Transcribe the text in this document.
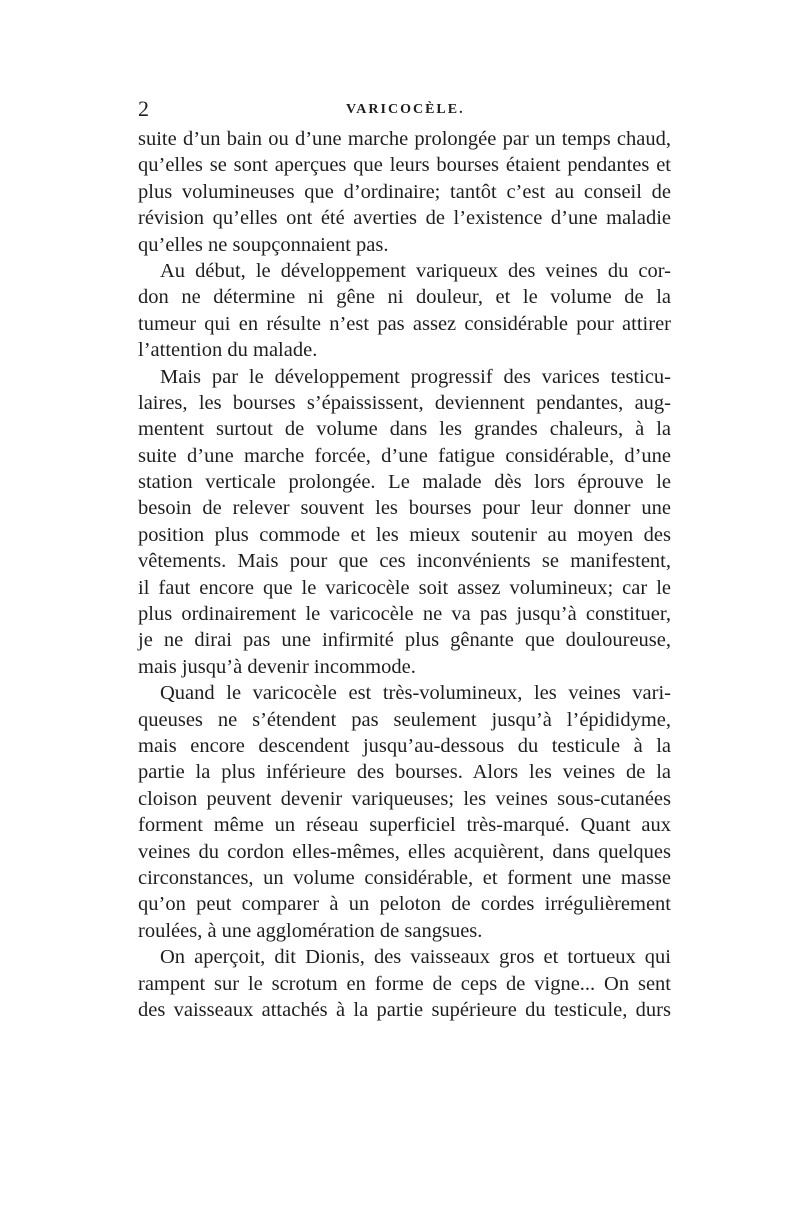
2	VARICOCÈLE.
suite d’un bain ou d’une marche prolongée par un temps chaud,
qu’elles se sont aperçues que leurs bourses étaient pendantes et
plus volumineuses que d’ordinaire; tantôt c’est au conseil de
révision qu’elles ont été averties de l’existence d’une maladie
qu’elles ne soupçonnaient pas.
Au début, le développement variqueux des veines du cor-
don ne détermine ni gêne ni douleur, et le volume de la
tumeur qui en résulte n’est pas assez considérable pour attirer
l’attention du malade.
Mais par le développement progressif des varices testicu-
laires, les bourses s’épaississent, deviennent pendantes, aug-
mentent surtout de volume dans les grandes chaleurs, à la
suite d’une marche forcée, d’une fatigue considérable, d’une
station verticale prolongée. Le malade dès lors éprouve le
besoin de relever souvent les bourses pour leur donner une
position plus commode et les mieux soutenir au moyen des
vêtements. Mais pour que ces inconvénients se manifestent,
il faut encore que le varicocèle soit assez volumineux; car le
plus ordinairement le varicocèle ne va pas jusqu’à constituer,
je ne dirai pas une infirmité plus gênante que douloureuse,
mais jusqu’à devenir incommode.
Quand le varicocèle est très-volumineux, les veines vari-
queuses ne s’étendent pas seulement jusqu’à l’épididyme,
mais encore descendent jusqu’au-dessous du testicule à la
partie la plus inférieure des bourses. Alors les veines de la
cloison peuvent devenir variqueuses; les veines sous-cutanées
forment même un réseau superficiel très-marqué. Quant aux
veines du cordon elles-mêmes, elles acquièrent, dans quelques
circonstances, un volume considérable, et forment une masse
qu’on peut comparer à un peloton de cordes irrégulièrement
roulées, à une agglomération de sangsues.
On aperçoit, dit Dionis, des vaisseaux gros et tortueux qui
rampent sur le scrotum en forme de ceps de vigne... On sent
des vaisseaux attachés à la partie supérieure du testicule, durs
